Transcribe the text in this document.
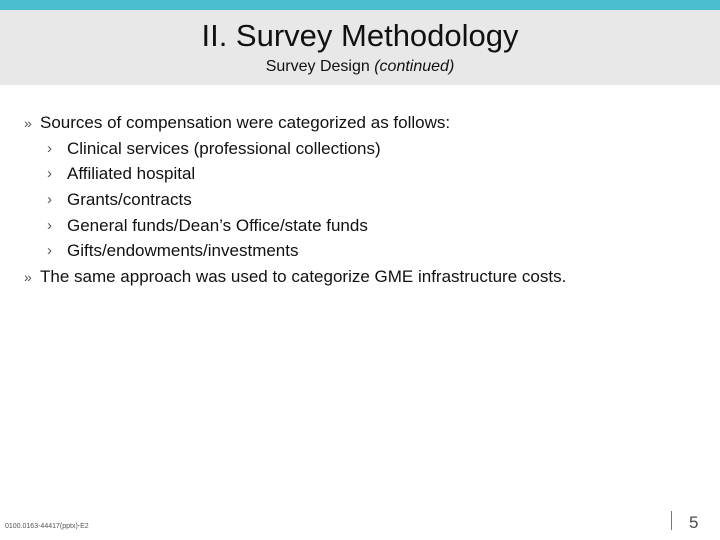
II. Survey Methodology
Survey Design (continued)
» Sources of compensation were categorized as follows:
› Clinical services (professional collections)
› Affiliated hospital
› Grants/contracts
› General funds/Dean’s Office/state funds
› Gifts/endowments/investments
» The same approach was used to categorize GME infrastructure costs.
0100.0163-44417(pptx)-E2	5
